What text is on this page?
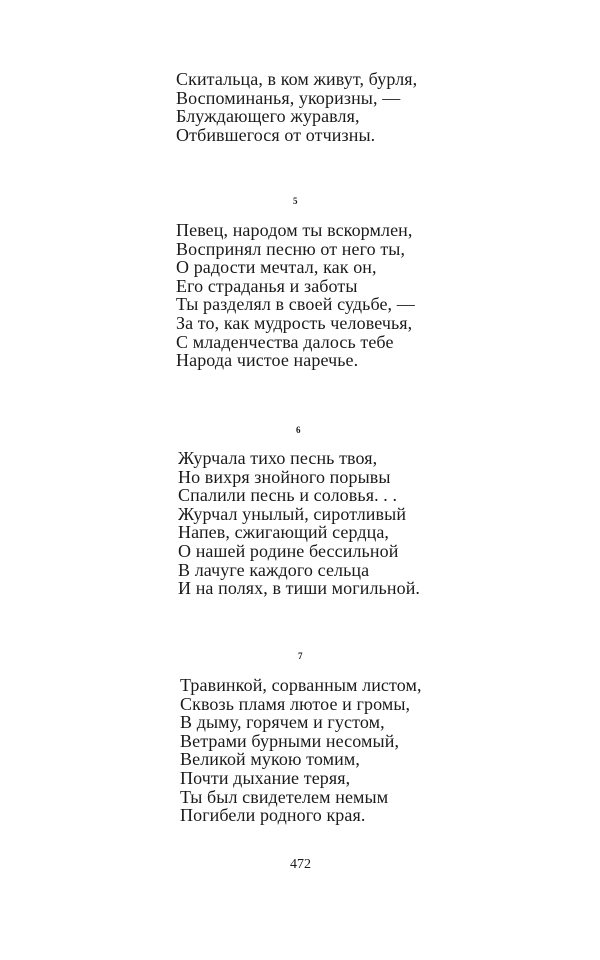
Скитальца, в ком живут, бурля,
Воспоминанья, укоризны, —
Блуждающего журавля,
Отбившегося от отчизны.
5
Певец, народом ты вскормлен,
Воспринял песню от него ты,
О радости мечтал, как он,
Его страданья и заботы
Ты разделял в своей судьбе, —
За то, как мудрость человечья,
С младенчества далось тебе
Народа чистое наречье.
6
Журчала тихо песнь твоя,
Но вихря знойного порывы
Спалили песнь и соловья. . .
Журчал унылый, сиротливый
Напев, сжигающий сердца,
О нашей родине бессильной
В лачуге каждого сельца
И на полях, в тиши могильной.
7
Травинкой, сорванным листом,
Сквозь пламя лютое и громы,
В дыму, горячем и густом,
Ветрами бурными несомый,
Великой мукою томим,
Почти дыхание теряя,
Ты был свидетелем немым
Погибели родного края.
472
